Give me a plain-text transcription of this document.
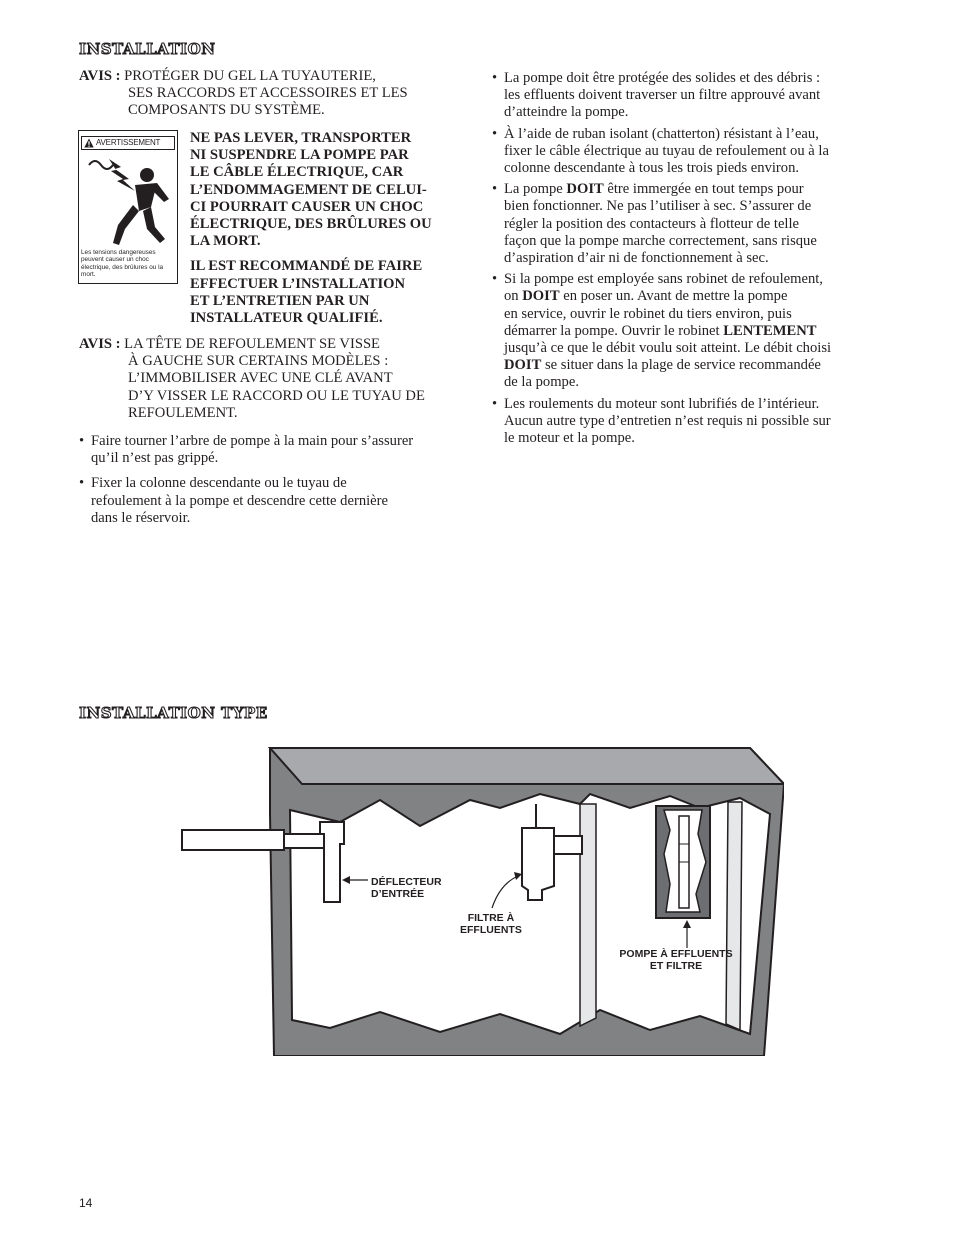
INSTALLATION

AVIS : PROTÉGER DU GEL LA TUYAUTERIE,

SES RACCORDS ET ACCESSOIRES ET LES

COMPOSANTS DU SYSTÈME.

AVERTISSEMENT
Les tensions dangereuses peuvent causer un choc électrique, des brûlures ou la mort.

NE PAS LEVER, TRANSPORTER

NI SUSPENDRE LA POMPE PAR

LE CÂBLE ÉLECTRIQUE, CAR

L’ENDOMMAGEMENT DE CELUI-

CI POURRAIT CAUSER UN CHOC

ÉLECTRIQUE, DES BRÛLURES OU

LA MORT.

IL EST RECOMMANDÉ DE FAIRE

EFFECTUER L’INSTALLATION

ET L’ENTRETIEN PAR UN

INSTALLATEUR QUALIFIÉ.

AVIS : LA TÊTE DE REFOULEMENT SE VISSE

À GAUCHE SUR CERTAINS MODÈLES :

L’IMMOBILISER AVEC UNE CLÉ AVANT

D’Y VISSER LE RACCORD OU LE TUYAU DE

REFOULEMENT.

• Faire tourner l’arbre de pompe à la main pour s’assurer

qu’il n’est pas grippé.

• Fixer la colonne descendante ou le tuyau de

refoulement à la pompe et descendre cette dernière

dans le réservoir.

• La pompe doit être protégée des solides et des débris :

les effluents doivent traverser un filtre approuvé avant

d’atteindre la pompe.

• À l’aide de ruban isolant (chatterton) résistant à l’eau,

fixer le câble électrique au tuyau de refoulement ou à la

colonne descendante à tous les trois pieds environ.

• La pompe DOIT être immergée en tout temps pour

bien fonctionner. Ne pas l’utiliser à sec. S’assurer de

régler la position des contacteurs à flotteur de telle

façon que la pompe marche correctement, sans risque

d’aspiration d’air ni de fonctionnement à sec.

• Si la pompe est employée sans robinet de refoulement,

on DOIT en poser un. Avant de mettre la pompe

en service, ouvrir le robinet du tiers environ, puis

démarrer la pompe. Ouvrir le robinet LENTEMENT

jusqu’à ce que le débit voulu soit atteint. Le débit choisi

DOIT se situer dans la plage de service recommandée

de la pompe.

• Les roulements du moteur sont lubrifiés de l’intérieur.

Aucun autre type d’entretien n’est requis ni possible sur

le moteur et la pompe.

INSTALLATION TYPE
DÉFLECTEUR
D’ENTRÉE
FILTRE À
EFFLUENTS
POMPE À EFFLUENTS
ET FILTRE
14
